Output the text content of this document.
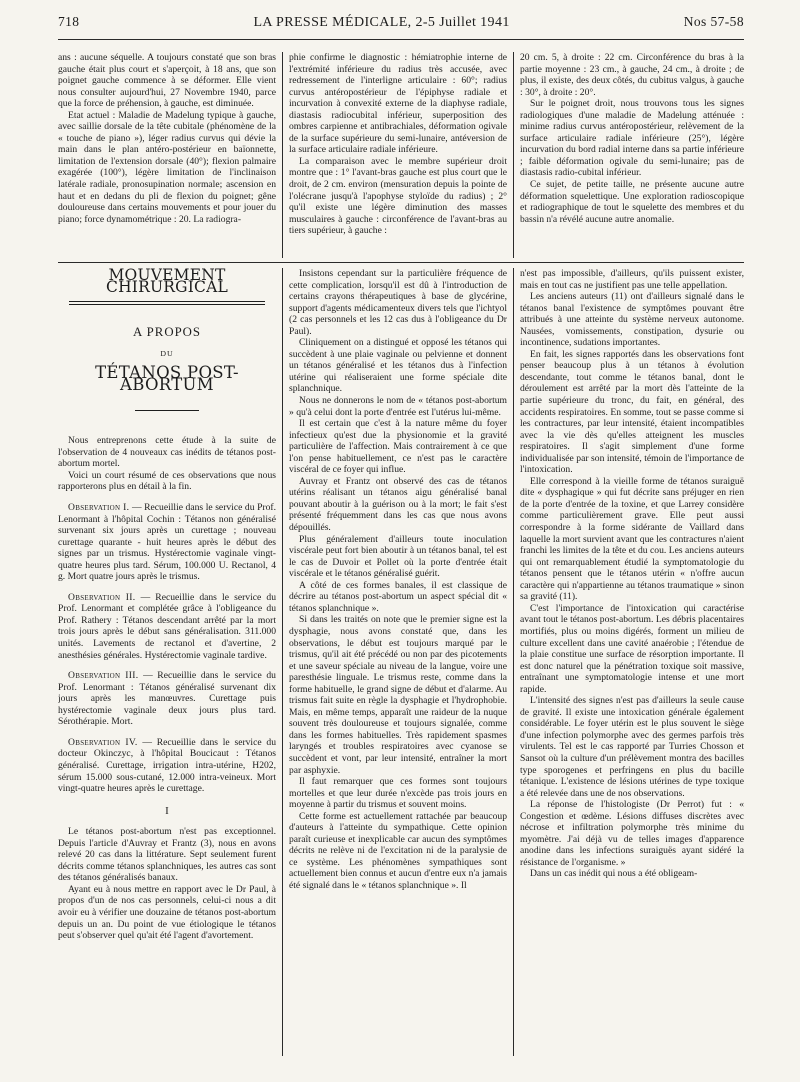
718	LA PRESSE MÉDICALE, 2-5 Juillet 1941	Nos 57-58

ans : aucune séquelle. A toujours constaté que son bras gauche était plus court et s'aperçoit, à 18 ans, que son poignet gauche commence à se déformer. Elle vient nous consulter aujourd'hui, 27 Novembre 1940, parce que la force de préhension, à gauche, est diminuée.

Etat actuel : Maladie de Madelung typique à gauche, avec saillie dorsale de la tête cubitale (phénomène de la « touche de piano »), léger radius curvus qui dévie la main dans le plan antéro-postérieur en baïonnette, limitation de l'extension dorsale (40°); flexion palmaire exagérée (100°), légère limitation de l'inclinaison latérale radiale, pronosupination normale; ascension en haut et en dedans du pli de flexion du poignet; gêne douloureuse dans certains mouvements et pour jouer du piano; force dynamométrique : 20. La radiogra-

phie confirme le diagnostic : hémiatrophie interne de l'extrémité inférieure du radius très accusée, avec redressement de l'interligne articulaire : 60°; radius curvus antéropostérieur de l'épiphyse radiale et incurvation à convexité externe de la diaphyse radiale, diastasis radiocubital inférieur, superposition des ombres carpienne et antibrachiales, déformation ogivale de la surface supérieure du semi-lunaire, antéversion de la surface articulaire radiale inférieure.

La comparaison avec le membre supérieur droit montre que : 1° l'avant-bras gauche est plus court que le droit, de 2 cm. environ (mensuration depuis la pointe de l'olécrane jusqu'à l'apophyse styloïde du radius) ; 2° qu'il existe une légère diminution des masses musculaires à gauche : circonférence de l'avant-bras au tiers supérieur, à gauche :

20 cm. 5, à droite : 22 cm. Circonférence du bras à la partie moyenne : 23 cm., à gauche, 24 cm., à droite ; de plus, il existe, des deux côtés, du cubitus valgus, à gauche : 30°, à droite : 20°.

Sur le poignet droit, nous trouvons tous les signes radiologiques d'une maladie de Madelung atténuée : minime radius curvus antéropostérieur, relèvement de la surface articulaire radiale inférieure (25°), légère incurvation du bord radial interne dans sa partie inférieure ; faible déformation ogivale du semi-lunaire; pas de diastasis radio-cubital inférieur.

Ce sujet, de petite taille, ne présente aucune autre déformation squelettique. Une exploration radioscopique et radiographique de tout le squelette des membres et du bassin n'a révélé aucune autre anomalie.

MOUVEMENT CHIRURGICAL
A PROPOS
DU
TÉTANOS POST-ABORTUM

Nous entreprenons cette étude à la suite de l'observation de 4 nouveaux cas inédits de tétanos post-abortum mortel.

Voici un court résumé de ces observations que nous rapporterons plus en détail à la fin.

Observation I. — Recueillie dans le service du Prof. Lenormant à l'hôpital Cochin : Tétanos non généralisé survenant six jours après un curettage ; nouveau curettage quarante - huit heures après le début des signes par un trismus. Hystérectomie vaginale vingt-quatre heures plus tard. Sérum, 100.000 U. Rectanol, 4 g. Mort quatre jours après le trismus.

Observation II. — Recueillie dans le service du Prof. Lenormant et complétée grâce à l'obligeance du Prof. Rathery : Tétanos descendant arrêté par la mort trois jours après le début sans généralisation. 311.000 unités. Lavements de rectanol et d'avertine, 2 anesthésies générales. Hystérectomie vaginale tardive.

Observation III. — Recueillie dans le service du Prof. Lenormant : Tétanos généralisé survenant dix jours après les manœuvres. Curettage puis hystérectomie vaginale deux jours plus tard. Sérothérapie. Mort.

Observation IV. — Recueillie dans le service du docteur Okinczyc, à l'hôpital Boucicaut : Tétanos généralisé. Curettage, irrigation intra-utérine, H202, sérum 15.000 sous-cutané, 12.000 intra-veineux. Mort vingt-quatre heures après le curettage.

I

Le tétanos post-abortum n'est pas exceptionnel. Depuis l'article d'Auvray et Frantz (3), nous en avons relevé 20 cas dans la littérature. Sept seulement furent décrits comme tétanos splanchniques, les autres cas sont des tétanos généralisés banaux.

Ayant eu à nous mettre en rapport avec le Dr Paul, à propos d'un de nos cas personnels, celui-ci nous a dit avoir eu à vérifier une douzaine de tétanos post-abortum depuis un an. Du point de vue étiologique le tétanos peut s'observer quel qu'ait été l'agent d'avortement.

Insistons cependant sur la particulière fréquence de cette complication, lorsqu'il est dû à l'introduction de certains crayons thérapeutiques à base de glycérine, support d'agents médicamenteux divers tels que l'ichtyol (2 cas personnels et les 12 cas dus à l'obligeance du Dr Paul).

Cliniquement on a distingué et opposé les tétanos qui succèdent à une plaie vaginale ou pelvienne et donnent un tétanos généralisé et les tétanos dus à l'infection utérine qui réaliseraient une forme spéciale dite splanchnique.

Nous ne donnerons le nom de « tétanos post-abortum » qu'à celui dont la porte d'entrée est l'utérus lui-même.

Il est certain que c'est à la nature même du foyer infectieux qu'est due la physionomie et la gravité particulière de l'affection. Mais contrairement à ce que l'on pense habituellement, ce n'est pas le caractère viscéral de ce foyer qui influe.

Auvray et Frantz ont observé des cas de tétanos utérins réalisant un tétanos aigu généralisé banal pouvant aboutir à la guérison ou à la mort; le fait s'est présenté fréquemment dans les cas que nous avons dépouillés.

Plus généralement d'ailleurs toute inoculation viscérale peut fort bien aboutir à un tétanos banal, tel est le cas de Duvoir et Pollet où la porte d'entrée était viscérale et le tétanos généralisé guérit.

A côté de ces formes banales, il est classique de décrire au tétanos post-abortum un aspect spécial dit « tétanos splanchnique ».

Si dans les traités on note que le premier signe est la dysphagie, nous avons constaté que, dans les observations, le début est toujours marqué par le trismus, qu'il ait été précédé ou non par des picotements et une saveur spéciale au niveau de la langue, voire une paresthésie linguale. Le trismus reste, comme dans la forme habituelle, le grand signe de début et d'alarme. Au trismus fait suite en règle la dysphagie et l'hydrophobie. Mais, en même temps, apparaît une raideur de la nuque souvent très douloureuse et toujours signalée, comme dans les formes habituelles. Très rapidement spasmes laryngés et troubles respiratoires avec cyanose se succèdent et vont, par leur intensité, entraîner la mort par asphyxie.

Il faut remarquer que ces formes sont toujours mortelles et que leur durée n'excède pas trois jours en moyenne à partir du trismus et souvent moins.

Cette forme est actuellement rattachée par beaucoup d'auteurs à l'atteinte du sympathique. Cette opinion paraît curieuse et inexplicable car aucun des symptômes décrits ne relève ni de l'excitation ni de la paralysie de ce système. Les phénomènes sympathiques sont actuellement bien connus et aucun d'entre eux n'a jamais été signalé dans le « tétanos splanchnique ». Il

n'est pas impossible, d'ailleurs, qu'ils puissent exister, mais en tout cas ne justifient pas une telle appellation.

Les anciens auteurs (11) ont d'ailleurs signalé dans le tétanos banal l'existence de symptômes pouvant être attribués à une atteinte du système nerveux autonome. Nausées, vomissements, constipation, dysurie ou incontinence, sudations importantes.

En fait, les signes rapportés dans les observations font penser beaucoup plus à un tétanos à évolution descendante, tout comme le tétanos banal, dont le déroulement est arrêté par la mort dès l'atteinte de la partie supérieure du tronc, du fait, en général, des accidents respiratoires. En somme, tout se passe comme si les contractures, par leur intensité, étaient incompatibles avec la vie dès qu'elles atteignent les muscles respiratoires. Il s'agit simplement d'une forme individualisée par son intensité, témoin de l'importance de l'intoxication.

Elle correspond à la vieille forme de tétanos suraiguë dite « dysphagique » qui fut décrite sans préjuger en rien de la porte d'entrée de la toxine, et que Larrey considère comme particulièrement grave. Elle peut aussi correspondre à la forme sidérante de Vaillard dans laquelle la mort survient avant que les contractures n'aient franchi les limites de la tête et du cou. Les anciens auteurs qui ont remarquablement étudié la symptomatologie du tétanos pensent que le tétanos utérin « n'offre aucun caractère qui n'appartienne au tétanos traumatique » sinon sa gravité (11).

C'est l'importance de l'intoxication qui caractérise avant tout le tétanos post-abortum. Les débris placentaires mortifiés, plus ou moins digérés, forment un milieu de culture excellent dans une cavité anaérobie ; l'étendue de la plaie constitue une surface de résorption importante. Il est donc naturel que la pénétration toxique soit massive, entraînant une symptomatologie intense et une mort rapide.

L'intensité des signes n'est pas d'ailleurs la seule cause de gravité. Il existe une intoxication générale également considérable. Le foyer utérin est le plus souvent le siège d'une infection polymorphe avec des germes parfois très virulents. Tel est le cas rapporté par Turries Chosson et Sansot où la culture d'un prélèvement montra des bacilles type sporogenes et perfringens en plus du bacille tétanique. L'existence de lésions utérines de type toxique a été relevée dans une de nos observations.

La réponse de l'histologiste (Dr Perrot) fut : « Congestion et œdème. Lésions diffuses discrètes avec nécrose et infiltration polymorphe très minime du myomètre. J'ai déjà vu de telles images d'apparence anodine dans les infections suraiguës ayant sidéré la résistance de l'organisme. »

Dans un cas inédit qui nous a été obligeam-
